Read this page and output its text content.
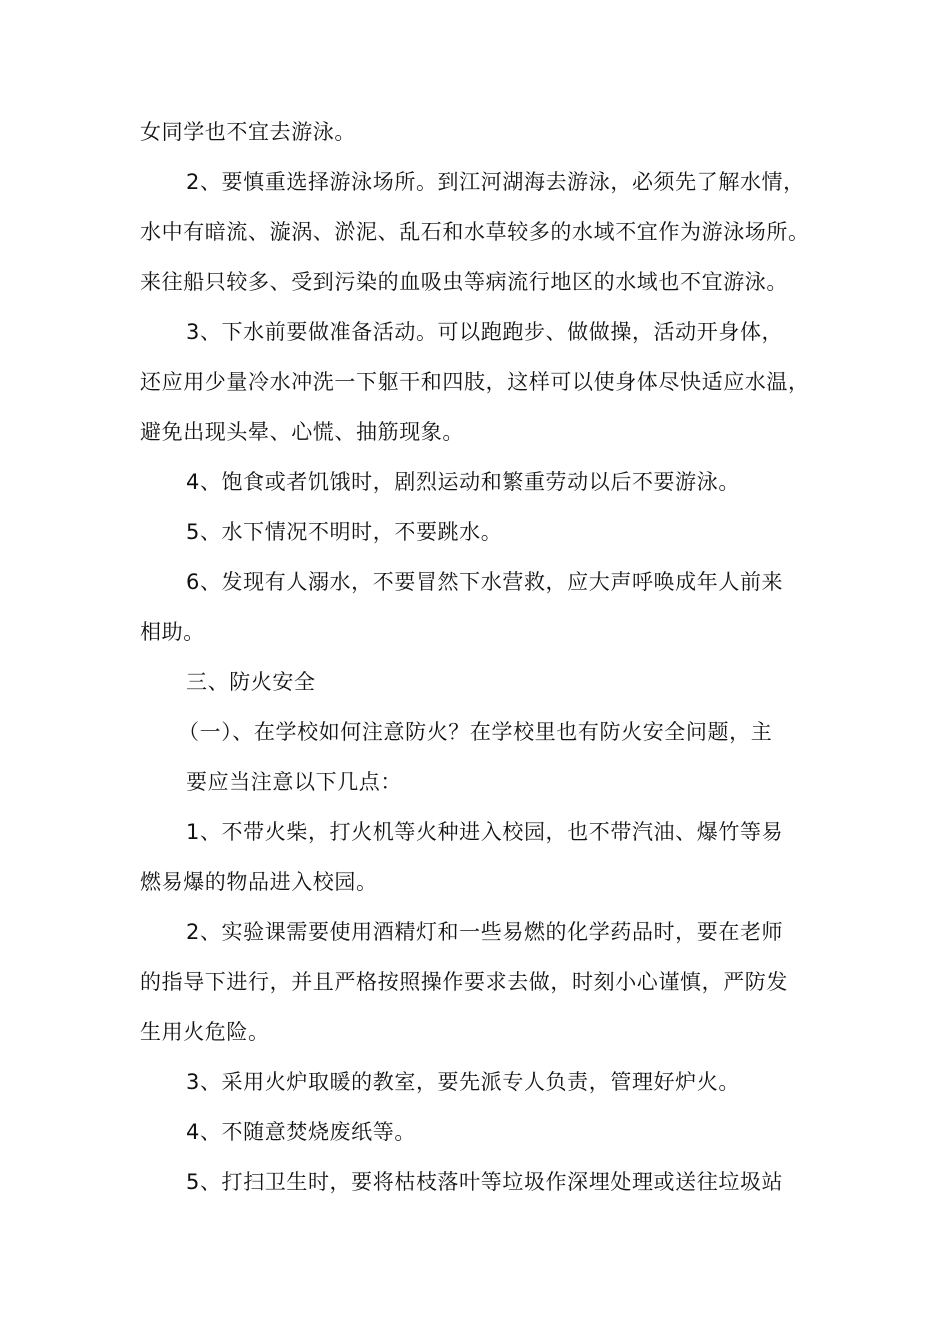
女同学也不宜去游泳。
2、要慎重选择游泳场所。到江河湖海去游泳，必须先了解水情，
水中有暗流、漩涡、淤泥、乱石和水草较多的水域不宜作为游泳场所。
来往船只较多、受到污染的血吸虫等病流行地区的水域也不宜游泳。
3、下水前要做准备活动。可以跑跑步、做做操，活动开身体，
还应用少量冷水冲洗一下躯干和四肢，这样可以使身体尽快适应水温，
避免出现头晕、心慌、抽筋现象。
4、饱食或者饥饿时，剧烈运动和繁重劳动以后不要游泳。
5、水下情况不明时，不要跳水。
6、发现有人溺水，不要冒然下水营救，应大声呼唤成年人前来
相助。
三、防火安全
（一）、在学校如何注意防火？在学校里也有防火安全问题，主
要应当注意以下几点：
1、不带火柴，打火机等火种进入校园，也不带汽油、爆竹等易
燃易爆的物品进入校园。
2、实验课需要使用酒精灯和一些易燃的化学药品时，要在老师
的指导下进行，并且严格按照操作要求去做，时刻小心谨慎，严防发
生用火危险。
3、采用火炉取暖的教室，要先派专人负责，管理好炉火。
4、不随意焚烧废纸等。
5、打扫卫生时，要将枯枝落叶等垃圾作深埋处理或送往垃圾站
